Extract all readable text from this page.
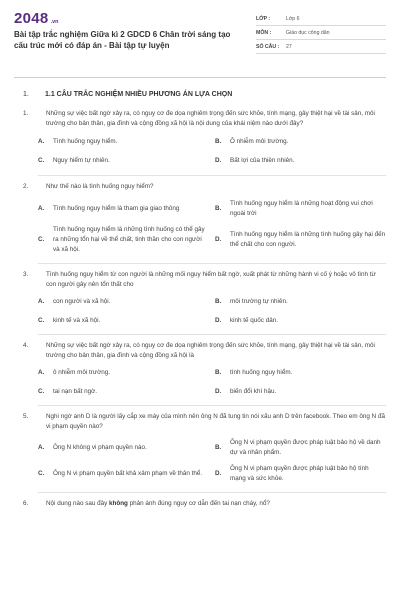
2048 .vn
Bài tập trắc nghiệm Giữa kì 2 GDCD 6 Chân trời sáng tạo cấu trúc mới có đáp án - Bài tập tự luyện
LỚP :	Lớp 6
MÔN :	Giáo dục công dân
SỐ CÂU :	27
1.	1.1 CÂU TRẮC NGHIỆM NHIỀU PHƯƠNG ÁN LỰA CHỌN
1.	Những sự việc bất ngờ xảy ra, có nguy cơ đe dọa nghiêm trọng đến sức khỏe, tính mạng, gây thiệt hại về tài sản, môi trường cho bản thân, gia đình và cộng đồng xã hội là nội dung của khái niệm nào dưới đây?
A.	Tình huống nguy hiểm.	B.	Ô nhiễm môi trường.
C.	Nguy hiểm tự nhiên.	D.	Bất lợi của thiên nhiên.
2.	Như thế nào là tình huống nguy hiểm?
A.	Tình huống nguy hiểm là tham gia giao thông	B.
Tình huống nguy hiểm là những hoạt động vui chơi ngoài trời
C.
Tình huống nguy hiểm là những tình huống có thể gây ra những tổn hại về thể chất, tinh thần cho con người và xã hội.
D.
Tình huống nguy hiểm là những tình huống gây hại đến thể chất cho con người.
3.	Tình huống nguy hiểm từ con người là những mối nguy hiểm bất ngờ, xuất phát từ những hành vi cố ý hoặc vô tình từ con người gây nên tổn thất cho
A.	con người và xã hội.	B.	môi trường tự nhiên.
C.	kinh tế và xã hội.	D.	kinh tế quốc dân.
4.	Những sự việc bất ngờ xảy ra, có nguy cơ đe dọa nghiêm trọng đến sức khỏe, tính mạng, gây thiệt hại về tài sản, môi trường cho bản thân, gia đình và cộng đồng xã hội là
A.	ô nhiễm môi trường.	B.	tình huống nguy hiểm.
C.	tai nạn bất ngờ.	D.	biến đổi khí hậu.
5.	Nghi ngờ anh D là người lấy cắp xe máy của mình nên ông N đã tung tin nói xấu anh D trên facebook. Theo em ông N đã vi phạm quyền nào?
A.	Ông N không vi phạm quyền nào.	B.
Ông N vi phạm quyền được pháp luật bảo hộ về danh dự và nhân phẩm.
C.	Ông N vi phạm quyền bất khả xâm phạm về thân thể.	D.
Ông N vi phạm quyền được pháp luật bảo hộ tính mạng và sức khỏe.
6.	Nội dung nào sau đây không phản ánh đúng nguy cơ dẫn đến tai nạn cháy, nổ?
